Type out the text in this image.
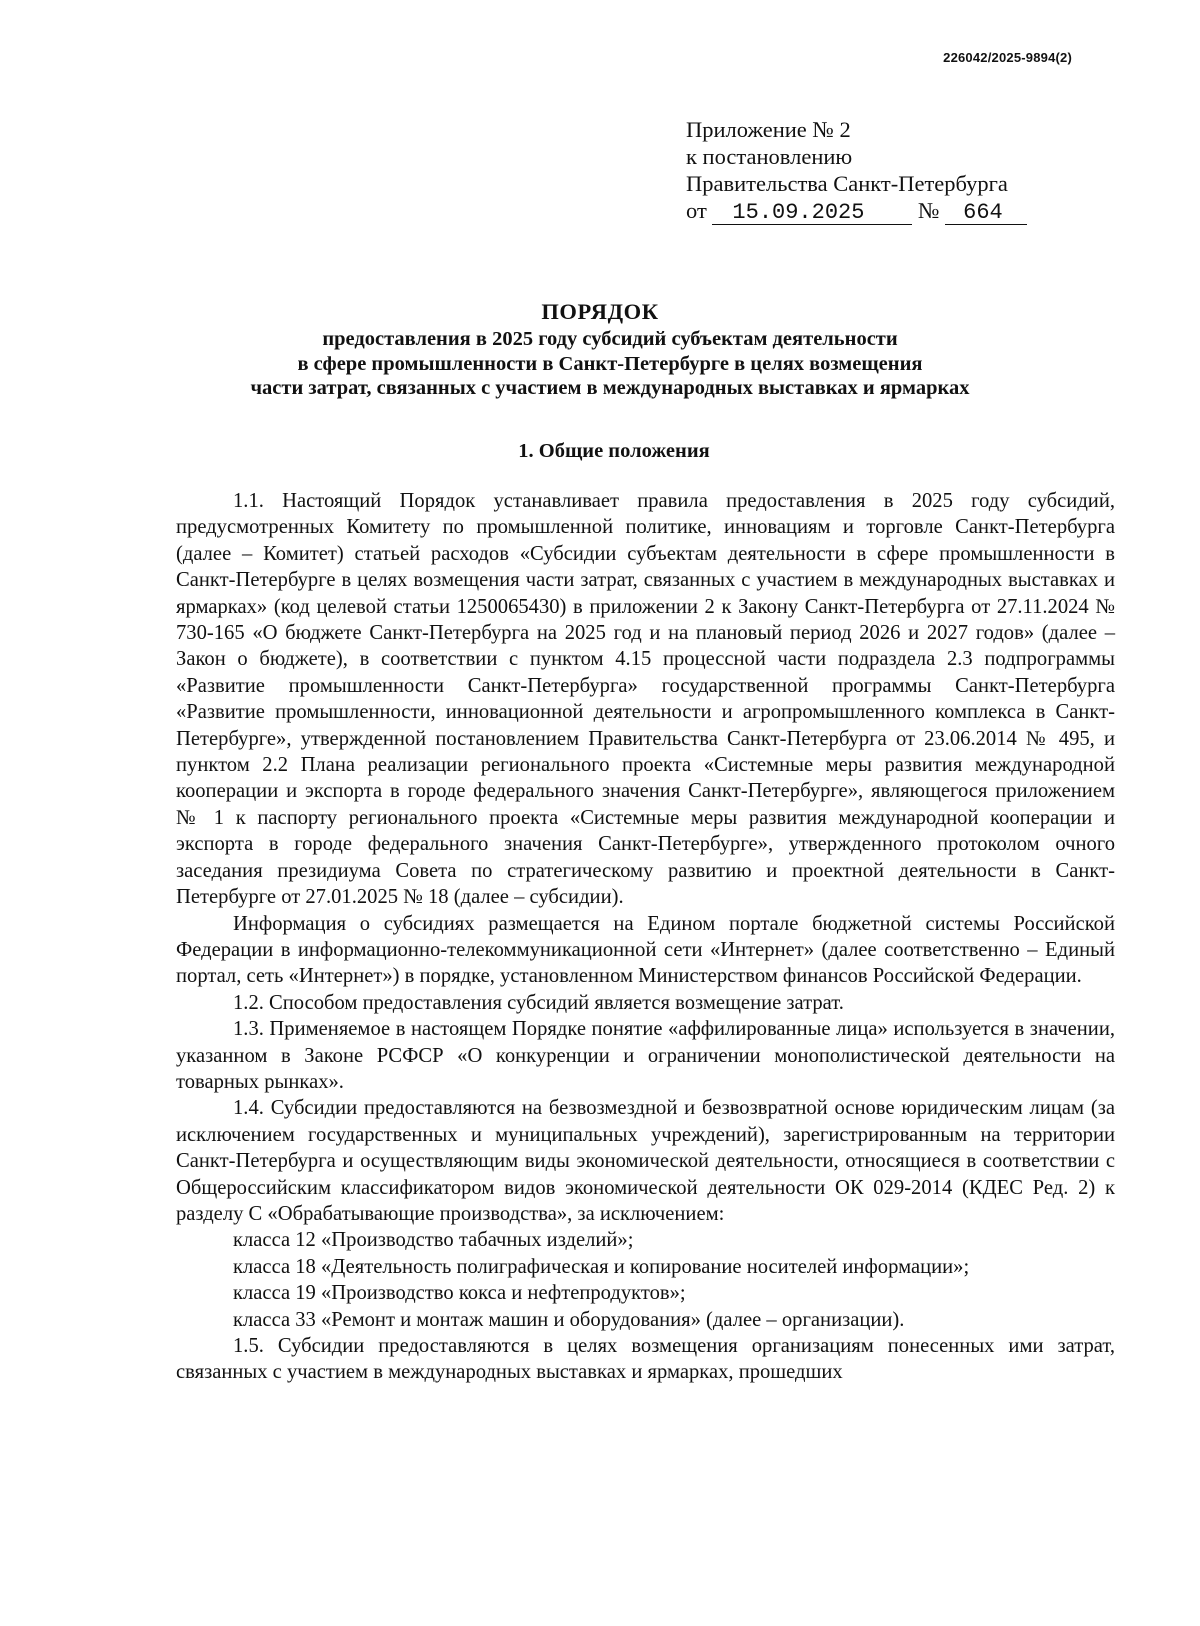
226042/2025-9894(2)
Приложение № 2
к постановлению
Правительства Санкт-Петербурга
от 15.09.2025 № 664
ПОРЯДОК
предоставления в 2025 году субсидий субъектам деятельности
в сфере промышленности в Санкт-Петербурге в целях возмещения
части затрат, связанных с участием в международных выставках и ярмарках
1. Общие положения

1.1. Настоящий Порядок устанавливает правила предоставления в 2025 году субсидий, предусмотренных Комитету по промышленной политике, инновациям и торговле Санкт-Петербурга (далее – Комитет) статьей расходов «Субсидии субъектам деятельности в сфере промышленности в Санкт-Петербурге в целях возмещения части затрат, связанных с участием в международных выставках и ярмарках» (код целевой статьи 1250065430) в приложении 2 к Закону Санкт-Петербурга от 27.11.2024 № 730-165 «О бюджете Санкт-Петербурга на 2025 год и на плановый период 2026 и 2027 годов» (далее – Закон о бюджете), в соответствии с пунктом 4.15 процессной части подраздела 2.3 подпрограммы «Развитие промышленности Санкт-Петербурга» государственной программы Санкт-Петербурга «Развитие промышленности, инновационной деятельности и агропромышленного комплекса в Санкт-Петербурге», утвержденной постановлением Правительства Санкт-Петербурга от 23.06.2014 № 495, и пунктом 2.2 Плана реализации регионального проекта «Системные меры развития международной кооперации и экспорта в городе федерального значения Санкт-Петербурге», являющегося приложением № 1 к паспорту регионального проекта «Системные меры развития международной кооперации и экспорта в городе федерального значения Санкт-Петербурге», утвержденного протоколом очного заседания президиума Совета по стратегическому развитию и проектной деятельности в Санкт-Петербурге от 27.01.2025 № 18 (далее – субсидии).

Информация о субсидиях размещается на Едином портале бюджетной системы Российской Федерации в информационно-телекоммуникационной сети «Интернет» (далее соответственно – Единый портал, сеть «Интернет») в порядке, установленном Министерством финансов Российской Федерации.

1.2. Способом предоставления субсидий является возмещение затрат.

1.3. Применяемое в настоящем Порядке понятие «аффилированные лица» используется в значении, указанном в Законе РСФСР «О конкуренции и ограничении монополистической деятельности на товарных рынках».

1.4. Субсидии предоставляются на безвозмездной и безвозвратной основе юридическим лицам (за исключением государственных и муниципальных учреждений), зарегистрированным на территории Санкт-Петербурга и осуществляющим виды экономической деятельности, относящиеся в соответствии с Общероссийским классификатором видов экономической деятельности ОК 029-2014 (КДЕС Ред. 2) к разделу С «Обрабатывающие производства», за исключением:

класса 12 «Производство табачных изделий»;

класса 18 «Деятельность полиграфическая и копирование носителей информации»;

класса 19 «Производство кокса и нефтепродуктов»;

класса 33 «Ремонт и монтаж машин и оборудования» (далее – организации).

1.5. Субсидии предоставляются в целях возмещения организациям понесенных ими затрат, связанных с участием в международных выставках и ярмарках, прошедших
